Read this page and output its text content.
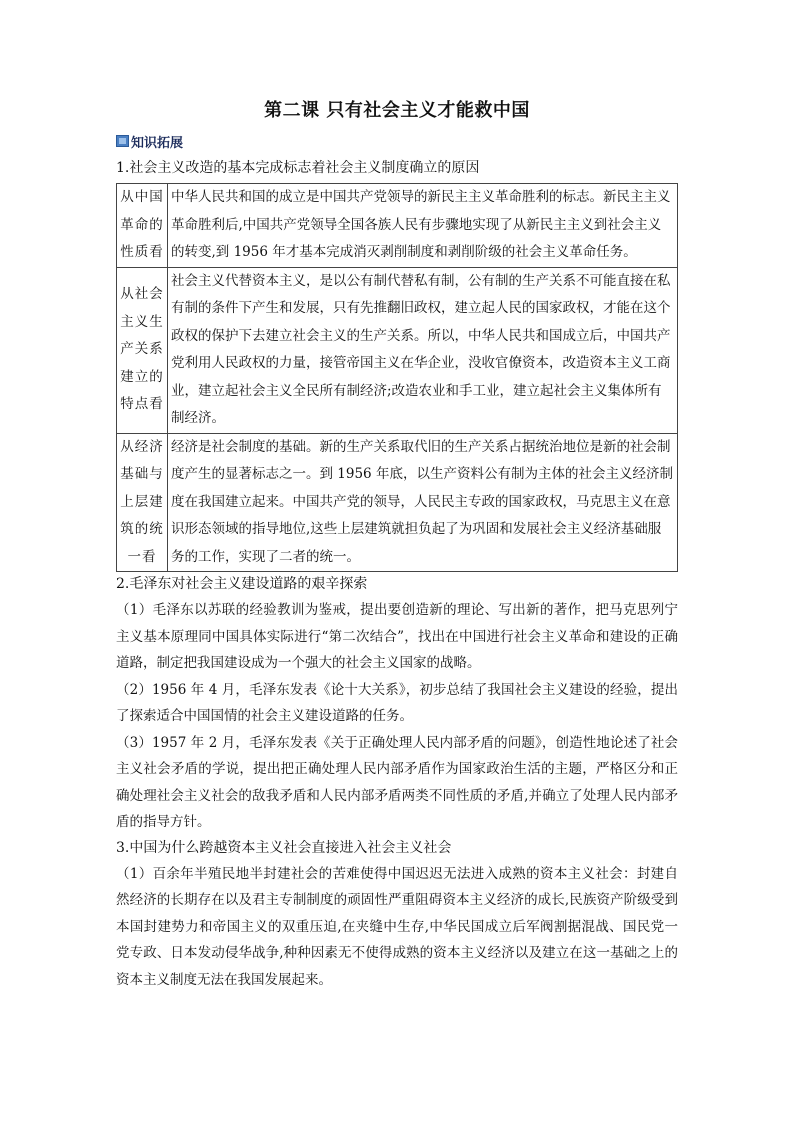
第二课 只有社会主义才能救中国
知识拓展

1.社会主义改造的基本完成标志着社会主义制度确立的原因

从中国革命的性质看	中华人民共和国的成立是中国共产党领导的新民主主义革命胜利的标志。新民主主义革命胜利后,中国共产党领导全国各族人民有步骤地实现了从新民主主义到社会主义的转变,到 1956 年才基本完成消灭剥削制度和剥削阶级的社会主义革命任务。
从社会主义生产关系建立的特点看	社会主义代替资本主义，是以公有制代替私有制，公有制的生产关系不可能直接在私有制的条件下产生和发展，只有先推翻旧政权，建立起人民的国家政权，才能在这个政权的保护下去建立社会主义的生产关系。所以，中华人民共和国成立后，中国共产党利用人民政权的力量，接管帝国主义在华企业，没收官僚资本，改造资本主义工商业，建立起社会主义全民所有制经济;改造农业和手工业，建立起社会主义集体所有制经济。
从经济基础与上层建筑的统一看	经济是社会制度的基础。新的生产关系取代旧的生产关系占据统治地位是新的社会制度产生的显著标志之一。到 1956 年底，以生产资料公有制为主体的社会主义经济制度在我国建立起来。中国共产党的领导，人民民主专政的国家政权，马克思主义在意识形态领域的指导地位,这些上层建筑就担负起了为巩固和发展社会主义经济基础服务的工作，实现了二者的统一。

2.毛泽东对社会主义建设道路的艰辛探索

（1）毛泽东以苏联的经验教训为鉴戒，提出要创造新的理论、写出新的著作，把马克思列宁主义基本原理同中国具体实际进行“第二次结合”，找出在中国进行社会主义革命和建设的正确道路，制定把我国建设成为一个强大的社会主义国家的战略。

（2）1956 年 4 月，毛泽东发表《论十大关系》，初步总结了我国社会主义建设的经验，提出了探索适合中国国情的社会主义建设道路的任务。

（3）1957 年 2 月，毛泽东发表《关于正确处理人民内部矛盾的问题》，创造性地论述了社会主义社会矛盾的学说，提出把正确处理人民内部矛盾作为国家政治生活的主题，严格区分和正确处理社会主义社会的敌我矛盾和人民内部矛盾两类不同性质的矛盾,并确立了处理人民内部矛盾的指导方针。

3.中国为什么跨越资本主义社会直接进入社会主义社会

（1）百余年半殖民地半封建社会的苦难使得中国迟迟无法进入成熟的资本主义社会：封建自然经济的长期存在以及君主专制制度的顽固性严重阻碍资本主义经济的成长,民族资产阶级受到本国封建势力和帝国主义的双重压迫,在夹缝中生存,中华民国成立后军阀割据混战、国民党一党专政、日本发动侵华战争,种种因素无不使得成熟的资本主义经济以及建立在这一基础之上的资本主义制度无法在我国发展起来。
